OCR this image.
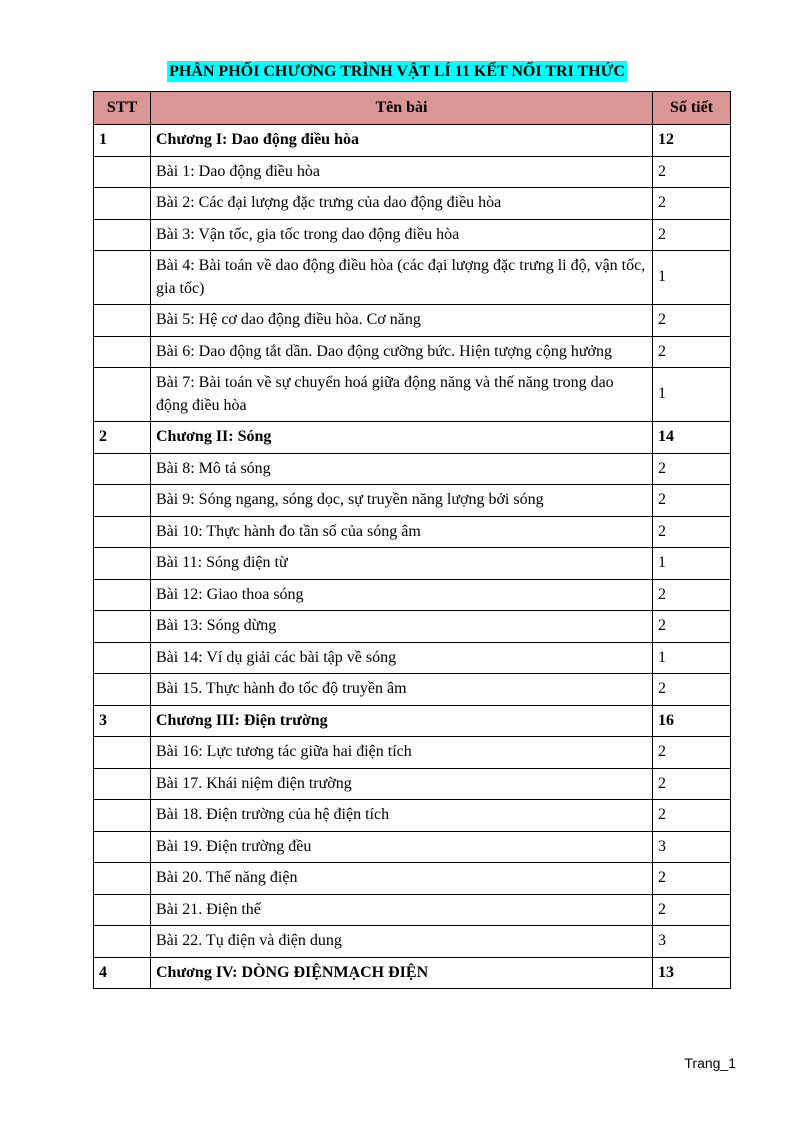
PHÂN PHỐI CHƯƠNG TRÌNH VẬT LÍ 11 KẾT NỐI TRI THỨC
STT	Tên bài	Số tiết
1	Chương I: Dao động điều hòa	12
	Bài 1: Dao động điều hòa	2
	Bài 2: Các đại lượng đặc trưng của dao động điều hòa	2
	Bài 3: Vận tốc, gia tốc trong dao động điều hòa	2
	Bài 4: Bài toán về dao động điều hòa (các đại lượng đặc trưng li độ, vận tốc, gia tốc)	1
	Bài 5: Hệ cơ dao động điều hòa. Cơ năng	2
	Bài 6: Dao động tắt dần. Dao động cưỡng bức. Hiện tượng cộng hưởng	2
	Bài 7: Bài toán về sự chuyển hoá giữa động năng và thế năng trong dao động điều hòa	1
2	Chương II: Sóng	14
	Bài 8: Mô tả sóng	2
	Bài 9: Sóng ngang, sóng dọc, sự truyền năng lượng bởi sóng	2
	Bài 10: Thực hành đo tần số của sóng âm	2
	Bài 11: Sóng điện từ	1
	Bài 12: Giao thoa sóng	2
	Bài 13: Sóng dừng	2
	Bài 14: Ví dụ giải các bài tập về sóng	1
	Bài 15. Thực hành đo tốc độ truyền âm	2
3	Chương III: Điện trường	16
	Bài 16: Lực tương tác giữa hai điện tích	2
	Bài 17. Khái niệm điện trường	2
	Bài 18. Điện trường của hệ điện tích	2
	Bài 19. Điện trường đều	3
	Bài 20. Thế năng điện	2
	Bài 21. Điện thế	2
	Bài 22. Tụ điện và điện dung	3
4	Chương IV: DÒNG ĐIỆNMẠCH ĐIỆN	13
Trang_1
